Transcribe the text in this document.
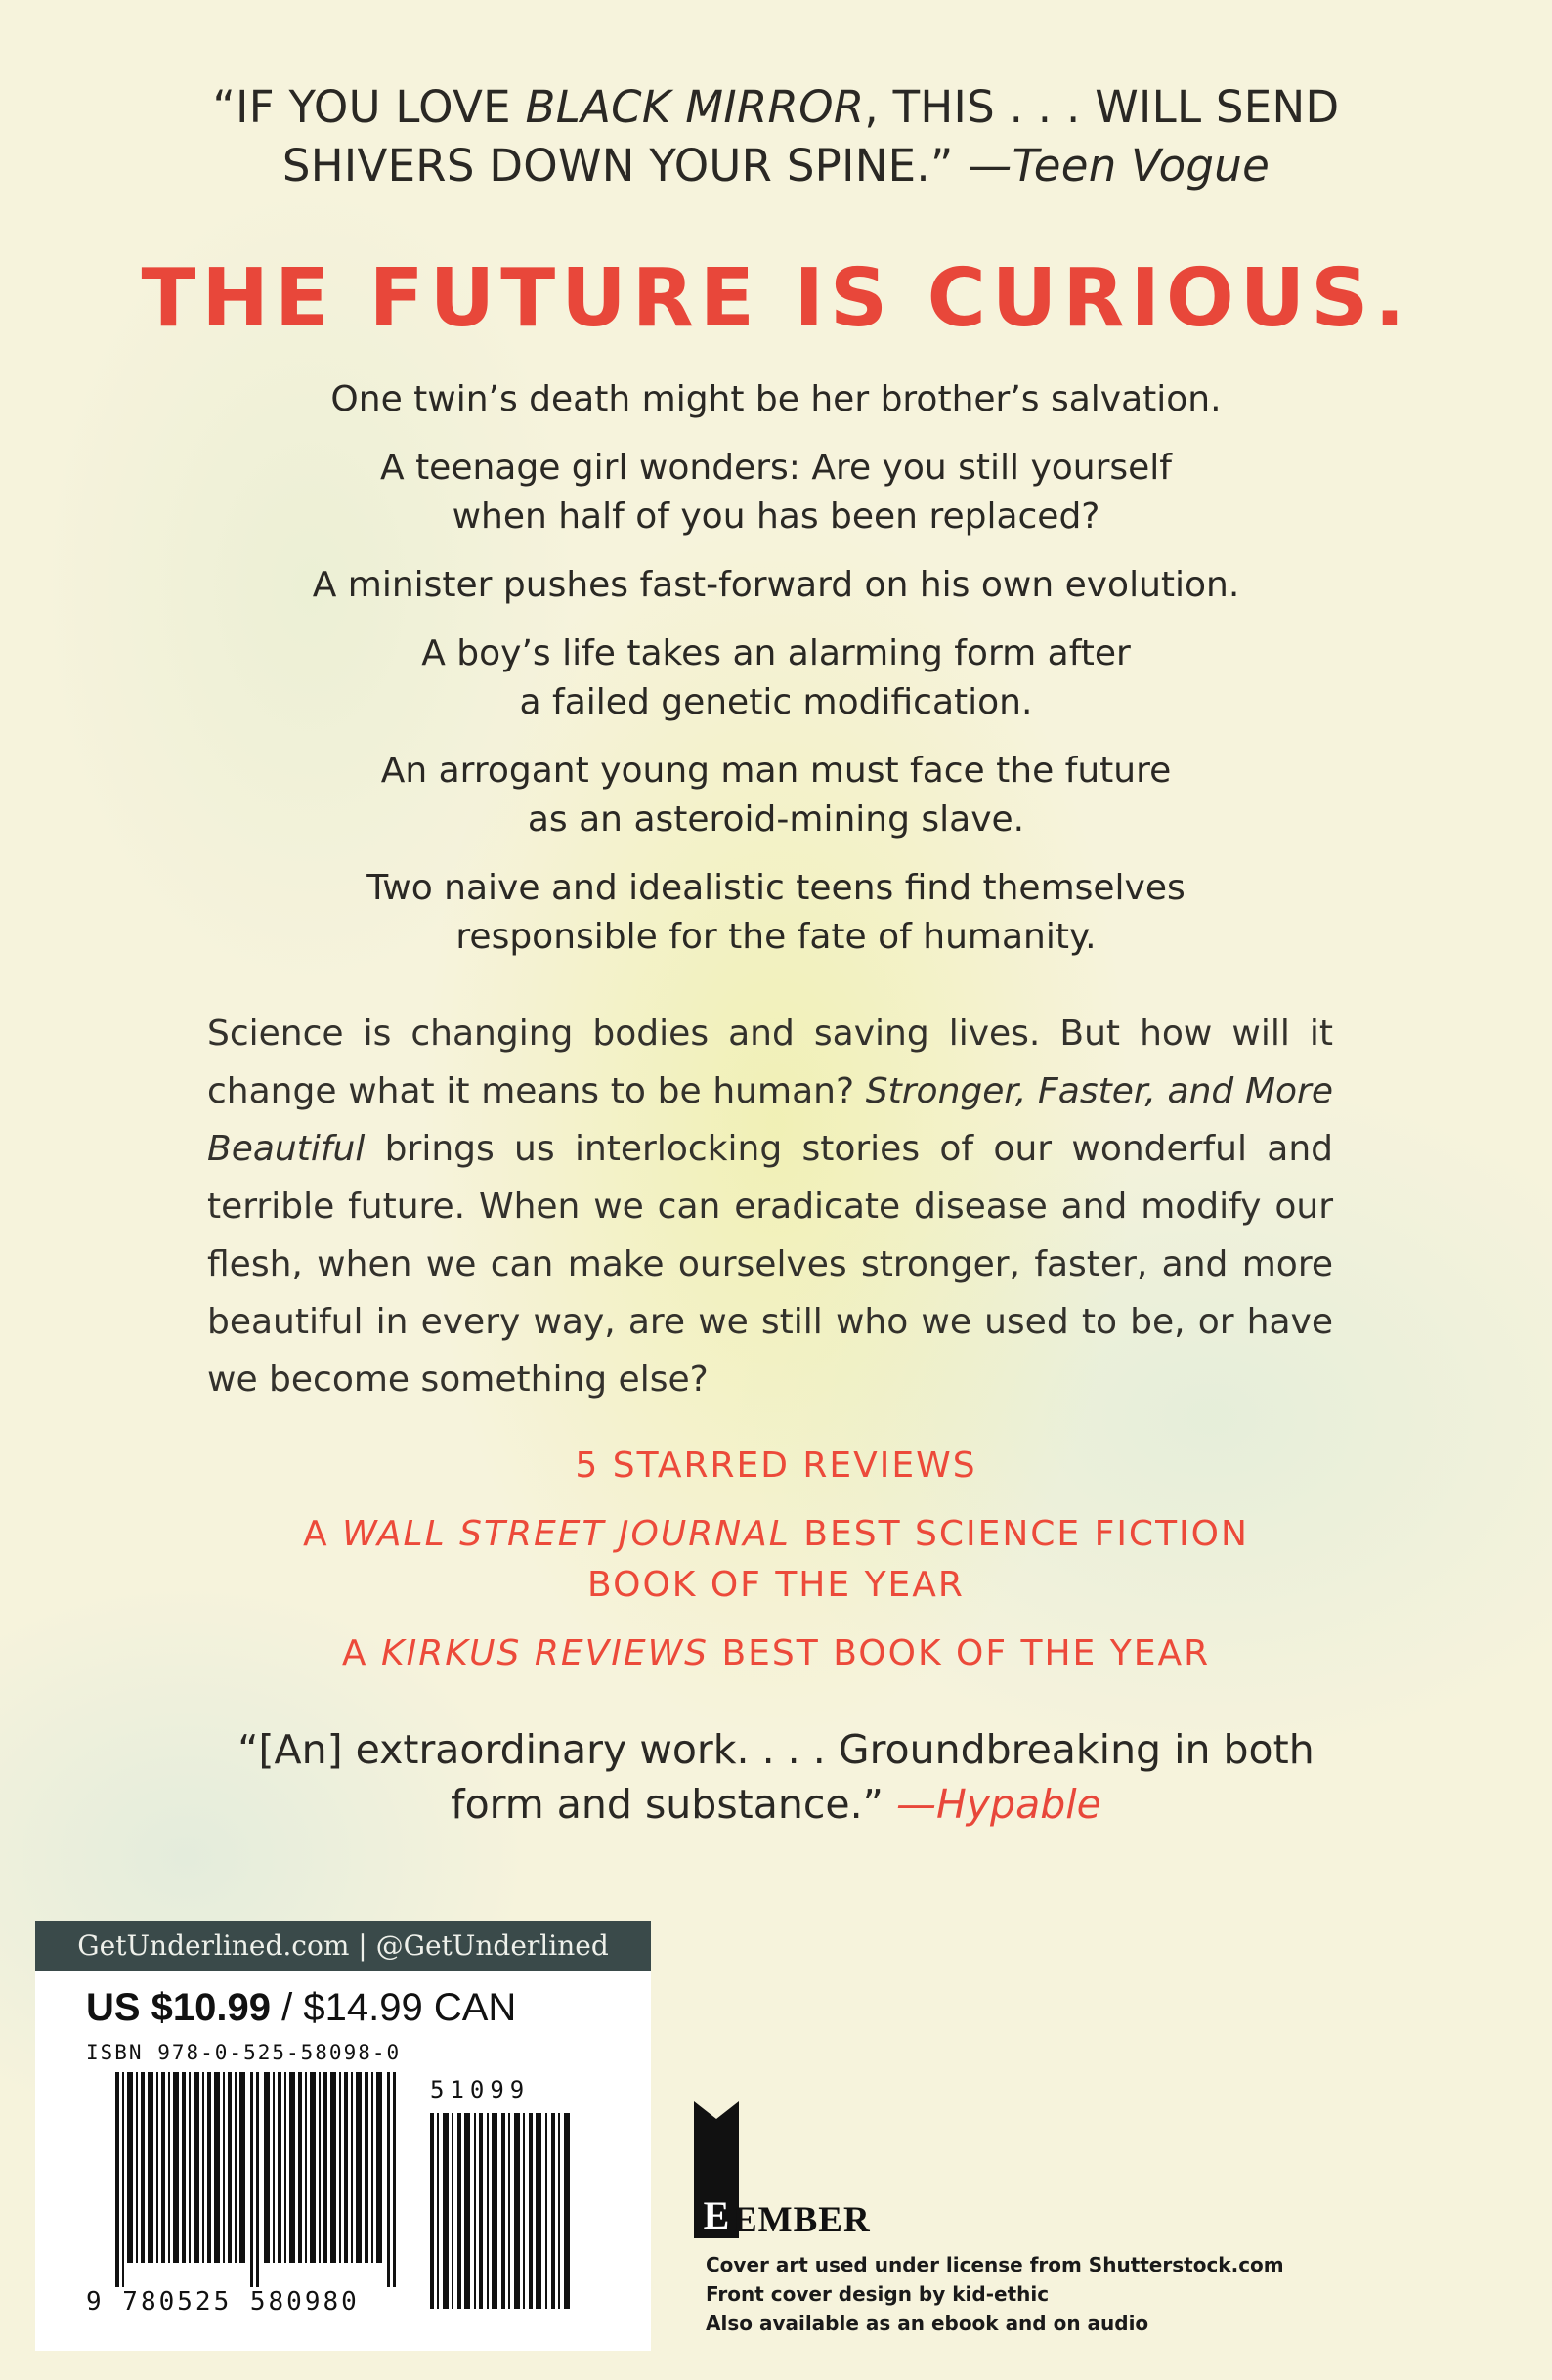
“IF YOU LOVE BLACK MIRROR, THIS . . . WILL SEND
SHIVERS DOWN YOUR SPINE.” —Teen Vogue
THE FUTURE IS CURIOUS.
One twin’s death might be her brother’s salvation.
A teenage girl wonders: Are you still yourself
when half of you has been replaced?
A minister pushes fast-forward on his own evolution.
A boy’s life takes an alarming form after
a failed genetic modification.
An arrogant young man must face the future
as an asteroid-mining slave.
Two naive and idealistic teens find themselves
responsible for the fate of humanity.
Science is changing bodies and saving lives. But how will it change what it means to be human? Stronger, Faster, and More Beautiful brings us interlocking stories of our wonderful and terrible future. When we can eradicate disease and modify our flesh, when we can make ourselves stronger, faster, and more beautiful in every way, are we still who we used to be, or have we become something else?
5 STARRED REVIEWS
A WALL STREET JOURNAL BEST SCIENCE FICTION
BOOK OF THE YEAR
A KIRKUS REVIEWS BEST BOOK OF THE YEAR
“[An] extraordinary work. . . . Groundbreaking in both
form and substance.” —Hypable
GetUnderlined.com | @GetUnderlined
US $10.99 / $14.99 CAN
ISBN 978-0-525-58098-0
51099
9 780525 580980
E EMBER
Cover art used under license from Shutterstock.com
Front cover design by kid-ethic
Also available as an ebook and on audio
